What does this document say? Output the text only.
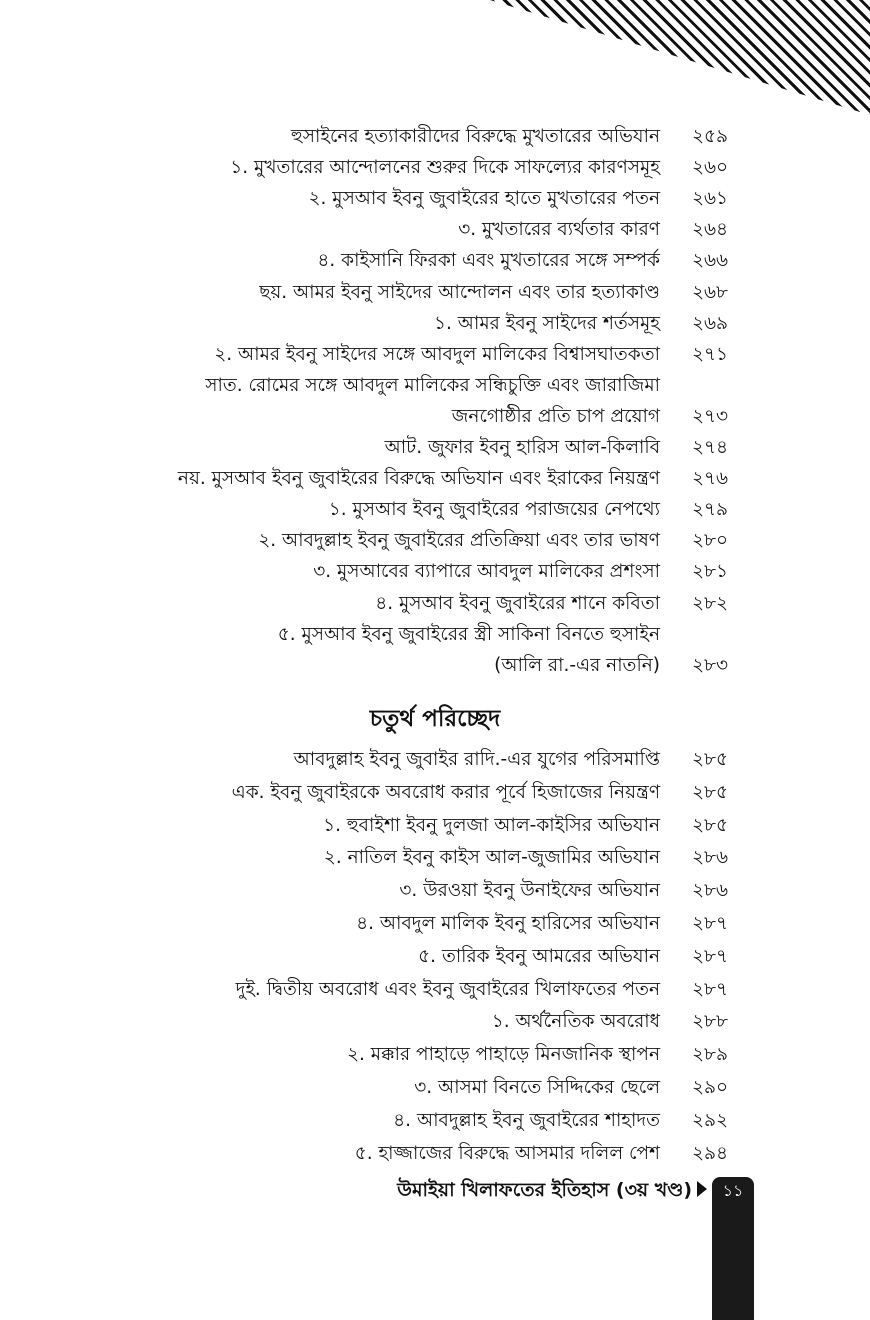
হুসাইনের হত্যাকারীদের বিরুদ্ধে মুখতারের অভিযান ২৫৯
১. মুখতারের আন্দোলনের শুরুর দিকে সাফল্যের কারণসমূহ ২৬০
২. মুসআব ইবনু জুবাইরের হাতে মুখতারের পতন ২৬১
৩. মুখতারের ব্যর্থতার কারণ ২৬৪
৪. কাইসানি ফিরকা এবং মুখতারের সঙ্গে সম্পর্ক ২৬৬
ছয়. আমর ইবনু সাইদের আন্দোলন এবং তার হত্যাকাণ্ড ২৬৮
১. আমর ইবনু সাইদের শর্তসমূহ ২৬৯
২. আমর ইবনু সাইদের সঙ্গে আবদুল মালিকের বিশ্বাসঘাতকতা ২৭১
সাত. রোমের সঙ্গে আবদুল মালিকের সন্ধিচুক্তি এবং জারাজিমা
জনগোষ্ঠীর প্রতি চাপ প্রয়োগ ২৭৩
আট. জুফার ইবনু হারিস আল-কিলাবি ২৭৪
নয়. মুসআব ইবনু জুবাইরের বিরুদ্ধে অভিযান এবং ইরাকের নিয়ন্ত্রণ ২৭৬
১. মুসআব ইবনু জুবাইরের পরাজয়ের নেপথ্যে ২৭৯
২. আবদুল্লাহ ইবনু জুবাইরের প্রতিক্রিয়া এবং তার ভাষণ ২৮০
৩. মুসআবের ব্যাপারে আবদুল মালিকের প্রশংসা ২৮১
৪. মুসআব ইবনু জুবাইরের শানে কবিতা ২৮২
৫. মুসআব ইবনু জুবাইরের স্ত্রী সাকিনা বিনতে হুসাইন
(আলি রা.-এর নাতনি) ২৮৩
চতুর্থ পরিচ্ছেদ
আবদুল্লাহ ইবনু জুবাইর রাদি.-এর যুগের পরিসমাপ্তি ২৮৫
এক. ইবনু জুবাইরকে অবরোধ করার পূর্বে হিজাজের নিয়ন্ত্রণ ২৮৫
১. হুবাইশা ইবনু দুলজা আল-কাইসির অভিযান ২৮৫
২. নাতিল ইবনু কাইস আল-জুজামির অভিযান ২৮৬
৩. উরওয়া ইবনু উনাইফের অভিযান ২৮৬
৪. আবদুল মালিক ইবনু হারিসের অভিযান ২৮৭
৫. তারিক ইবনু আমরের অভিযান ২৮৭
দুই. দ্বিতীয় অবরোধ এবং ইবনু জুবাইরের খিলাফতের পতন ২৮৭
১. অর্থনৈতিক অবরোধ ২৮৮
২. মক্কার পাহাড়ে পাহাড়ে মিনজানিক স্থাপন ২৮৯
৩. আসমা বিনতে সিদ্দিকের ছেলে ২৯০
৪. আবদুল্লাহ ইবনু জুবাইরের শাহাদত ২৯২
৫. হাজ্জাজের বিরুদ্ধে আসমার দলিল পেশ ২৯৪
উমাইয়া খিলাফতের ইতিহাস (৩য় খণ্ড)	১১
